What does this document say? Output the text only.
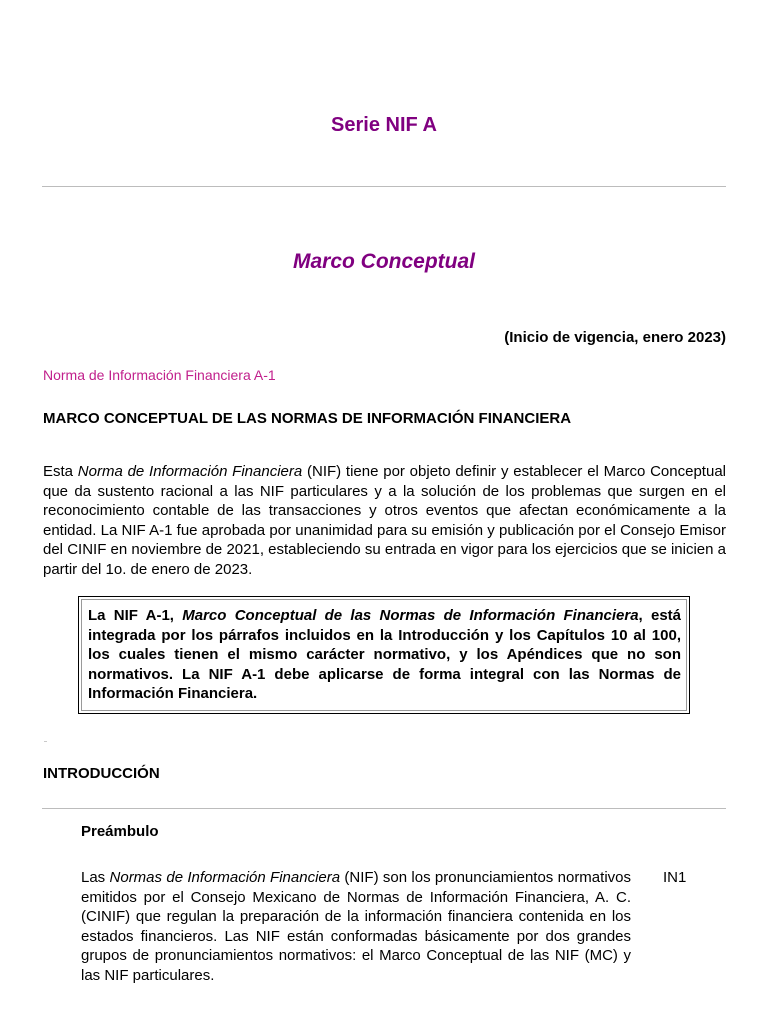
Serie NIF A
Marco Conceptual
(Inicio de vigencia, enero 2023)
Norma de Información Financiera A-1
MARCO CONCEPTUAL DE LAS NORMAS DE INFORMACIÓN FINANCIERA

Esta Norma de Información Financiera (NIF) tiene por objeto definir y establecer el Marco Conceptual que da sustento racional a las NIF particulares y a la solución de los problemas que surgen en el reconocimiento contable de las transacciones y otros eventos que afectan económicamente a la entidad. La NIF A-1 fue aprobada por unanimidad para su emisión y publicación por el Consejo Emisor del CINIF en noviembre de 2021, estableciendo su entrada en vigor para los ejercicios que se inicien a partir del 1o. de enero de 2023.

La NIF A-1, Marco Conceptual de las Normas de Información Financiera, está integrada por los párrafos incluidos en la Introducción y los Capítulos 10 al 100, los cuales tienen el mismo carácter normativo, y los Apéndices que no son normativos. La NIF A-1 debe aplicarse de forma integral con las Normas de Información Financiera.

INTRODUCCIÓN
Preámbulo

Las Normas de Información Financiera (NIF) son los pronunciamientos normativos emitidos por el Consejo Mexicano de Normas de Información Financiera, A. C. (CINIF) que regulan la preparación de la información financiera contenida en los estados financieros. Las NIF están conformadas básicamente por dos grandes grupos de pronunciamientos normativos: el Marco Conceptual de las NIF (MC) y las NIF particulares.

IN1
